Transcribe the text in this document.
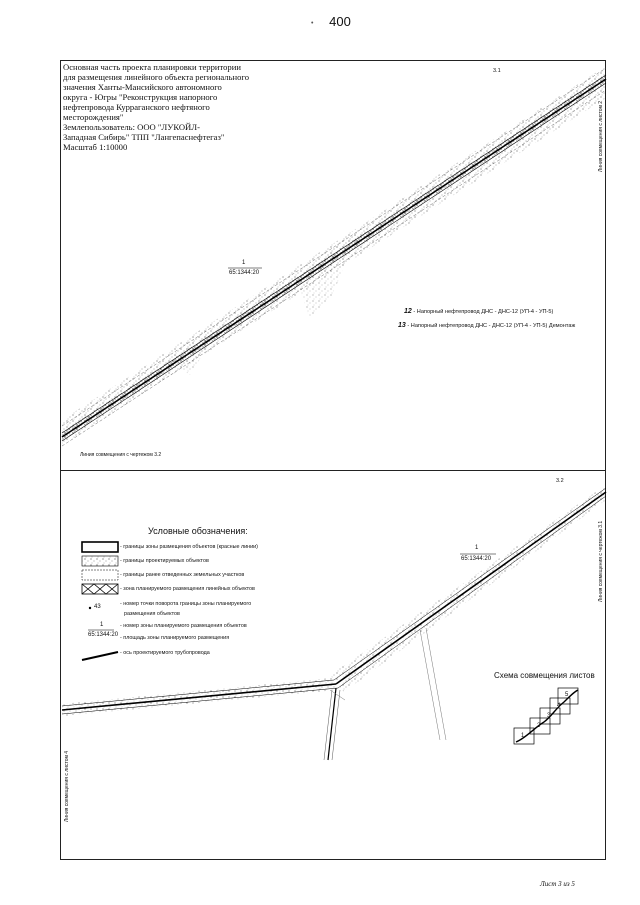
400
•
Основная часть проекта планировки территории
для размещения линейного объекта регионального
значения Ханты-Мансийского автономного
округа - Югры "Реконструкция напорного
нефтепровода Курраганского нефтяного
месторождения"
Землепользователь: ООО "ЛУКОЙЛ-
Западная Сибирь" ТПП "Лангепаснефтегаз"
Масштаб 1:10000
3.1
Линия совмещения с листом 2
Линия совмещения с чертежом 3.2
1
65:1344:20
12 - Напорный нефтепровод ДНС - ДНС-12 (УП-4 - УП-5)
13 - Напорный нефтепровод ДНС - ДНС-12 (УП-4 - УП-5) Демонтаж
3.2
Линия совмещения с чертежом 3.1
Линия совмещения с листом 4
1
65:1344:20
Условные обозначения:
- границы зоны размещения объектов (красные линии)
- границы проектируемых объектов
- границы ранее отведенных земельных участков
- зона планируемого размещения линейных объектов
- номер точки поворота границы зоны планируемого
размещения объектов
- номер зоны планируемого размещения объектов
- площадь зоны планируемого размещения
- ось проектируемого трубопровода
43
1
65:1344:20
Схема совмещения листов
1
2
3
4
5
Лист 3 из 5
